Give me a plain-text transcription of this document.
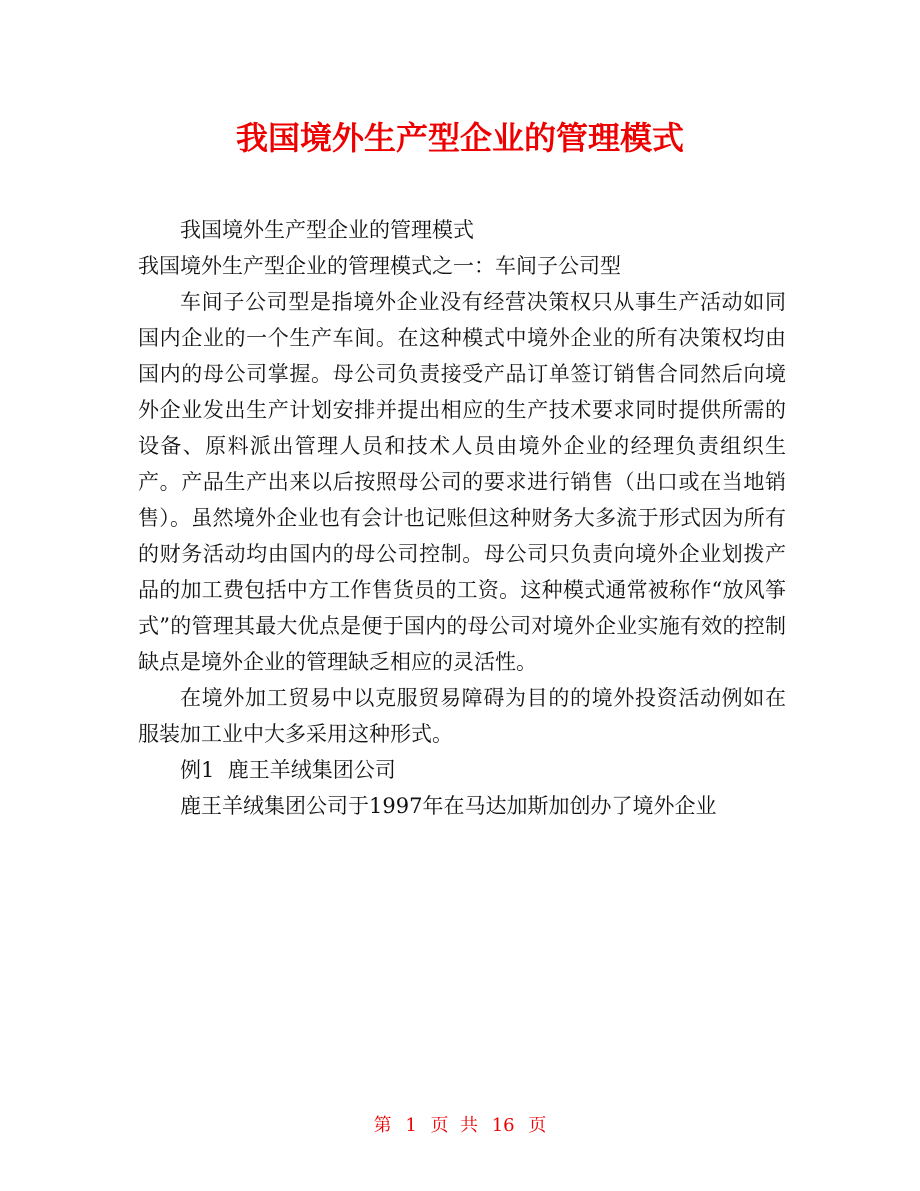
我国境外生产型企业的管理模式

我国境外生产型企业的管理模式

我国境外生产型企业的管理模式之一：车间子公司型

车间子公司型是指境外企业没有经营决策权只从事生产活动如同国内企业的一个生产车间。在这种模式中境外企业的所有决策权均由国内的母公司掌握。母公司负责接受产品订单签订销售合同然后向境外企业发出生产计划安排并提出相应的生产技术要求同时提供所需的设备、原料派出管理人员和技术人员由境外企业的经理负责组织生产。产品生产出来以后按照母公司的要求进行销售（出口或在当地销售）。虽然境外企业也有会计也记账但这种财务大多流于形式因为所有的财务活动均由国内的母公司控制。母公司只负责向境外企业划拨产品的加工费包括中方工作售货员的工资。这种模式通常被称作“放风筝式”的管理其最大优点是便于国内的母公司对境外企业实施有效的控制缺点是境外企业的管理缺乏相应的灵活性。

在境外加工贸易中以克服贸易障碍为目的的境外投资活动例如在服装加工业中大多采用这种形式。

例1  鹿王羊绒集团公司

鹿王羊绒集团公司于1997年在马达加斯加创办了境外企业

第 1 页  共 16 页
